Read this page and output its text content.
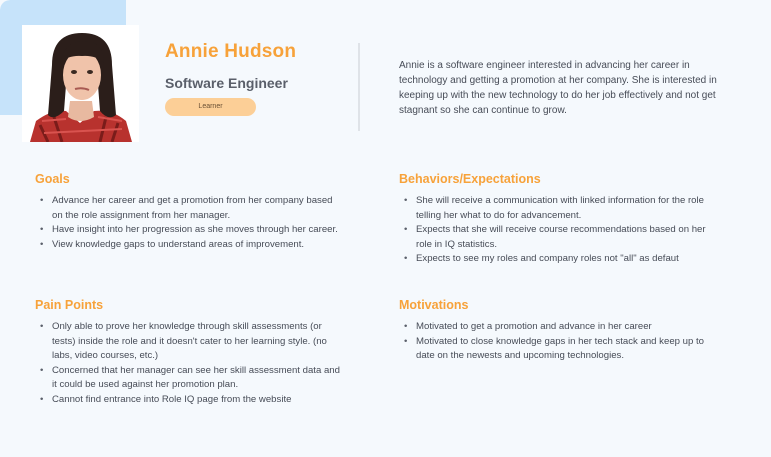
Annie Hudson
Software Engineer
Learner
Annie is a software engineer interested in advancing her career in technology and getting a promotion at her company. She is interested in keeping up with the new technology to do her job effectively and not get stagnant so she can continue to grow.
Goals
• Advance her career and get a promotion from her company based on the role assignment from her manager.
• Have insight into her progression as she moves through her career.
• View knowledge gaps to understand areas of improvement.
Behaviors/Expectations
• She will receive a communication with linked information for the role telling her what to do for advancement.
• Expects that she will receive course recommendations based on her role in IQ statistics.
• Expects to see my roles and company roles not "all" as defaut
Pain Points
• Only able to prove her knowledge through skill assessments (or tests) inside the role and it doesn't cater to her learning style. (no labs, video courses, etc.)
• Concerned that her manager can see her skill assessment data and it could be used against her promotion plan.
• Cannot find entrance into Role IQ page from the website
Motivations
• Motivated to get a promotion and advance in her career
• Motivated to close knowledge gaps in her tech stack and keep up to date on the newests and upcoming technologies.
